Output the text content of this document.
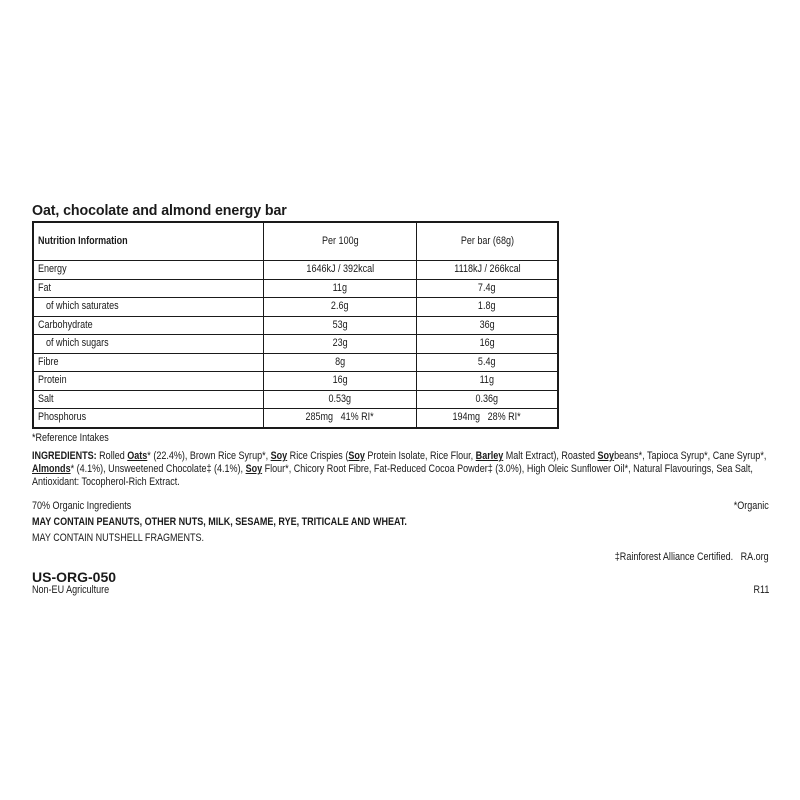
Oat, chocolate and almond energy bar
Nutrition Information	Per 100g	Per bar (68g)
Energy	1646kJ / 392kcal	1118kJ / 266kcal
Fat	11g	7.4g
of which saturates	2.6g	1.8g
Carbohydrate	53g	36g
of which sugars	23g	16g
Fibre	8g	5.4g
Protein	16g	11g
Salt	0.53g	0.36g
Phosphorus	285mg   41% RI*	194mg   28% RI*
*Reference Intakes
INGREDIENTS: Rolled Oats* (22.4%), Brown Rice Syrup*, Soy Rice Crispies (Soy Protein Isolate, Rice Flour, Barley Malt Extract), Roasted Soybeans*, Tapioca Syrup*, Cane Syrup*,
Almonds* (4.1%), Unsweetened Chocolate‡ (4.1%), Soy Flour*, Chicory Root Fibre, Fat-Reduced Cocoa Powder‡ (3.0%), High Oleic Sunflower Oil*, Natural Flavourings, Sea Salt,
Antioxidant: Tocopherol-Rich Extract.
70% Organic Ingredients	*Organic
MAY CONTAIN PEANUTS, OTHER NUTS, MILK, SESAME, RYE, TRITICALE AND WHEAT.
MAY CONTAIN NUTSHELL FRAGMENTS.
‡Rainforest Alliance Certified.   RA.org
US-ORG-050
Non-EU Agriculture	R11
